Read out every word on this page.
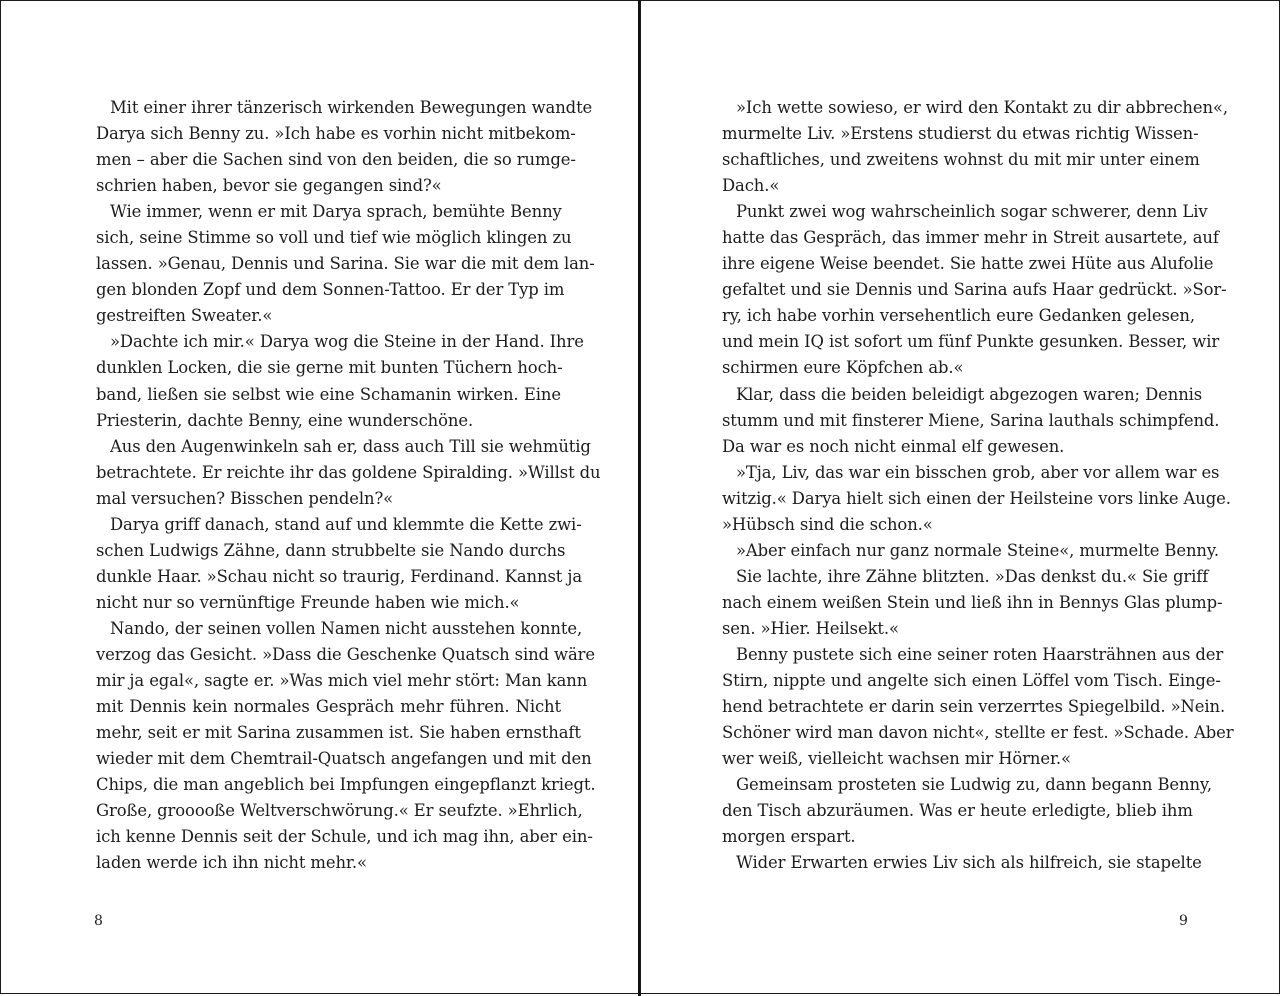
Mit einer ihrer tänzerisch wirkenden Bewegungen wandte
Darya sich Benny zu. »Ich habe es vorhin nicht mitbekom-
men – aber die Sachen sind von den beiden, die so rumge-
schrien haben, bevor sie gegangen sind?«
Wie immer, wenn er mit Darya sprach, bemühte Benny
sich, seine Stimme so voll und tief wie möglich klingen zu
lassen. »Genau, Dennis und Sarina. Sie war die mit dem lan-
gen blonden Zopf und dem Sonnen-Tattoo. Er der Typ im
gestreiften Sweater.«
»Dachte ich mir.« Darya wog die Steine in der Hand. Ihre
dunklen Locken, die sie gerne mit bunten Tüchern hoch-
band, ließen sie selbst wie eine Schamanin wirken. Eine
Priesterin, dachte Benny, eine wunderschöne.
Aus den Augenwinkeln sah er, dass auch Till sie wehmütig
betrachtete. Er reichte ihr das goldene Spiralding. »Willst du
mal versuchen? Bisschen pendeln?«
Darya griff danach, stand auf und klemmte die Kette zwi-
schen Ludwigs Zähne, dann strubbelte sie Nando durchs
dunkle Haar. »Schau nicht so traurig, Ferdinand. Kannst ja
nicht nur so vernünftige Freunde haben wie mich.«
Nando, der seinen vollen Namen nicht ausstehen konnte,
verzog das Gesicht. »Dass die Geschenke Quatsch sind wäre
mir ja egal«, sagte er. »Was mich viel mehr stört: Man kann
mit Dennis kein normales Gespräch mehr führen. Nicht
mehr, seit er mit Sarina zusammen ist. Sie haben ernsthaft
wieder mit dem Chemtrail-Quatsch angefangen und mit den
Chips, die man angeblich bei Impfungen eingepflanzt kriegt.
Große, grooooße Weltverschwörung.« Er seufzte. »Ehrlich,
ich kenne Dennis seit der Schule, und ich mag ihn, aber ein-
laden werde ich ihn nicht mehr.«
8
»Ich wette sowieso, er wird den Kontakt zu dir abbrechen«,
murmelte Liv. »Erstens studierst du etwas richtig Wissen-
schaftliches, und zweitens wohnst du mit mir unter einem
Dach.«
Punkt zwei wog wahrscheinlich sogar schwerer, denn Liv
hatte das Gespräch, das immer mehr in Streit ausartete, auf
ihre eigene Weise beendet. Sie hatte zwei Hüte aus Alufolie
gefaltet und sie Dennis und Sarina aufs Haar gedrückt. »Sor-
ry, ich habe vorhin versehentlich eure Gedanken gelesen,
und mein IQ ist sofort um fünf Punkte gesunken. Besser, wir
schirmen eure Köpfchen ab.«
Klar, dass die beiden beleidigt abgezogen waren; Dennis
stumm und mit finsterer Miene, Sarina lauthals schimpfend.
Da war es noch nicht einmal elf gewesen.
»Tja, Liv, das war ein bisschen grob, aber vor allem war es
witzig.« Darya hielt sich einen der Heilsteine vors linke Auge.
»Hübsch sind die schon.«
»Aber einfach nur ganz normale Steine«, murmelte Benny.
Sie lachte, ihre Zähne blitzten. »Das denkst du.« Sie griff
nach einem weißen Stein und ließ ihn in Bennys Glas plump-
sen. »Hier. Heilsekt.«
Benny pustete sich eine seiner roten Haarsträhnen aus der
Stirn, nippte und angelte sich einen Löffel vom Tisch. Einge-
hend betrachtete er darin sein verzerrtes Spiegelbild. »Nein.
Schöner wird man davon nicht«, stellte er fest. »Schade. Aber
wer weiß, vielleicht wachsen mir Hörner.«
Gemeinsam prosteten sie Ludwig zu, dann begann Benny,
den Tisch abzuräumen. Was er heute erledigte, blieb ihm
morgen erspart.
Wider Erwarten erwies Liv sich als hilfreich, sie stapelte
9
